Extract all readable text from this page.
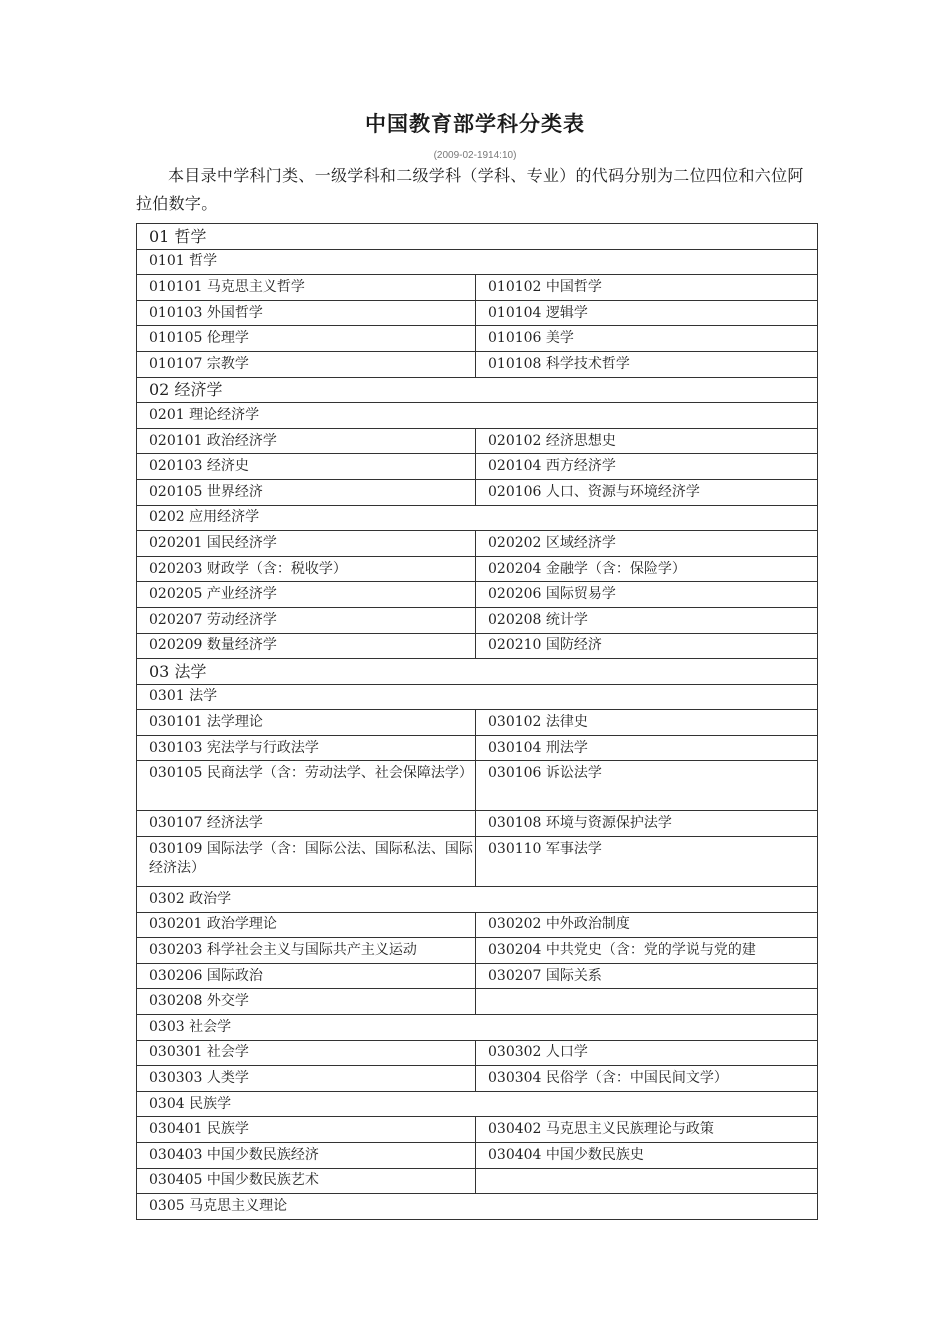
中国教育部学科分类表
(2009-02-1914:10)

本目录中学科门类、一级学科和二级学科（学科、专业）的代码分别为二位四位和六位阿拉伯数字。

01 哲学	
0101 哲学	
010101 马克思主义哲学	010102 中国哲学
010103 外国哲学	010104 逻辑学
010105 伦理学	010106 美学
010107 宗教学	010108 科学技术哲学
02 经济学	
0201 理论经济学	
020101 政治经济学	020102 经济思想史
020103 经济史	020104 西方经济学
020105 世界经济	020106 人口、资源与环境经济学
0202 应用经济学	
020201 国民经济学	020202 区域经济学
020203 财政学（含：税收学）	020204 金融学（含：保险学）
020205 产业经济学	020206 国际贸易学
020207 劳动经济学	020208 统计学
020209 数量经济学	020210 国防经济
03 法学	
0301 法学	
030101 法学理论	030102 法律史
030103 宪法学与行政法学	030104 刑法学
030105 民商法学（含：劳动法学、社会保障法学）	030106 诉讼法学
030107 经济法学	030108 环境与资源保护法学
030109 国际法学（含：国际公法、国际私法、国际经济法）	030110 军事法学
0302 政治学	
030201 政治学理论	030202 中外政治制度
030203 科学社会主义与国际共产主义运动	030204 中共党史（含：党的学说与党的建
030206 国际政治	030207 国际关系
030208 外交学	
0303 社会学	
030301 社会学	030302 人口学
030303 人类学	030304 民俗学（含：中国民间文学）
0304 民族学	
030401 民族学	030402 马克思主义民族理论与政策
030403 中国少数民族经济	030404 中国少数民族史
030405 中国少数民族艺术	
0305 马克思主义理论	
